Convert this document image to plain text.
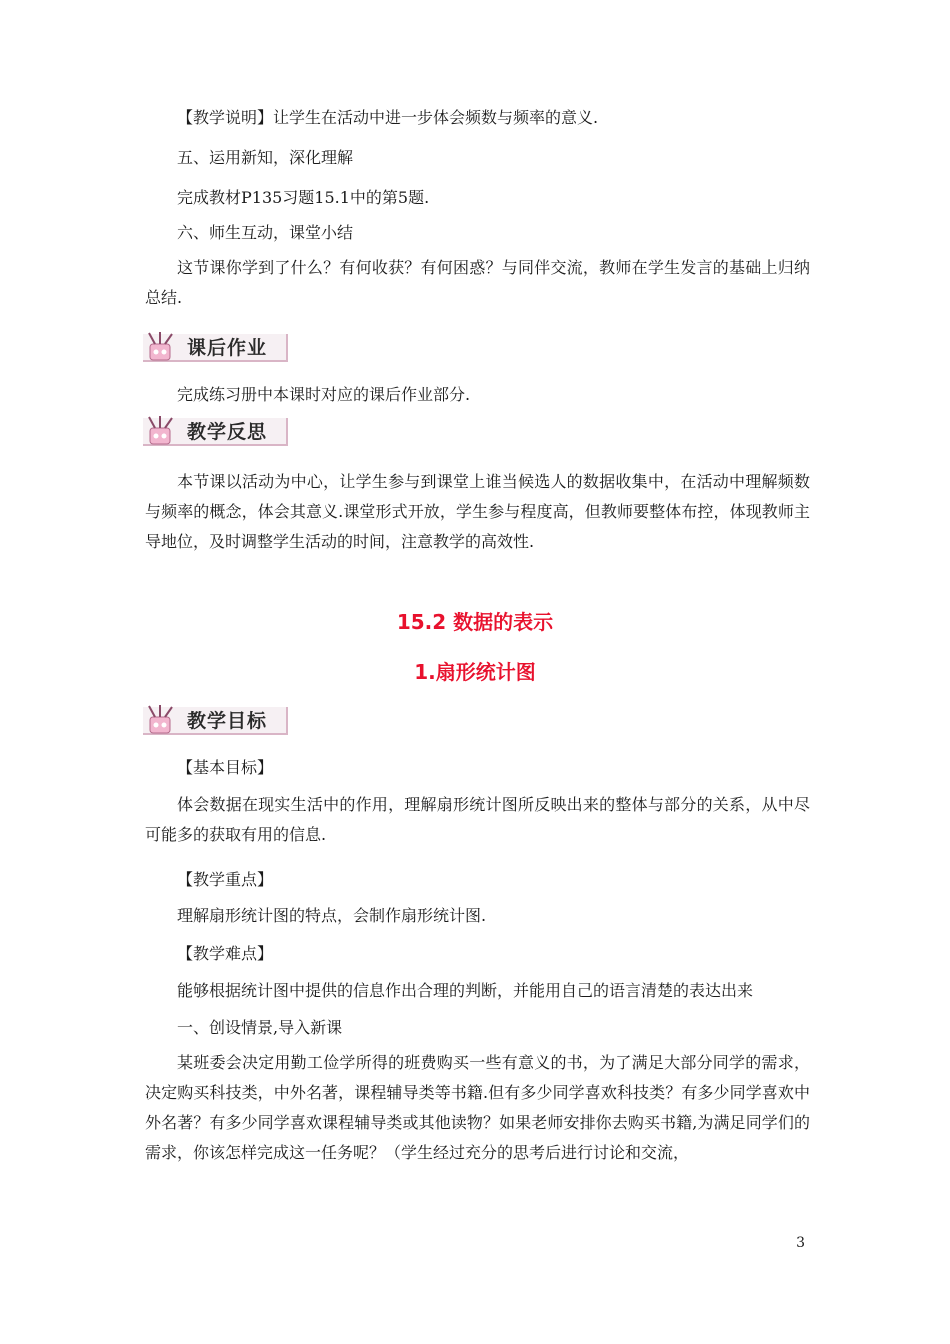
【教学说明】让学生在活动中进一步体会频数与频率的意义.

五、运用新知，深化理解

完成教材P135习题15.1中的第5题.

六、师生互动，课堂小结

这节课你学到了什么？有何收获？有何困惑？与同伴交流，教师在学生发言的基础上归纳总结.

课后作业

完成练习册中本课时对应的课后作业部分.

教学反思

本节课以活动为中心，让学生参与到课堂上谁当候选人的数据收集中，在活动中理解频数与频率的概念，体会其意义.课堂形式开放，学生参与程度高，但教师要整体布控，体现教师主导地位，及时调整学生活动的时间，注意教学的高效性.

15.2 数据的表示
1.扇形统计图
教学目标

【基本目标】

体会数据在现实生活中的作用，理解扇形统计图所反映出来的整体与部分的关系，从中尽可能多的获取有用的信息.

【教学重点】

理解扇形统计图的特点，会制作扇形统计图.

【教学难点】

能够根据统计图中提供的信息作出合理的判断，并能用自己的语言清楚的表达出来

一、创设情景,导入新课

某班委会决定用勤工俭学所得的班费购买一些有意义的书，为了满足大部分同学的需求，决定购买科技类，中外名著，课程辅导类等书籍.但有多少同学喜欢科技类？有多少同学喜欢中外名著？有多少同学喜欢课程辅导类或其他读物？如果老师安排你去购买书籍,为满足同学们的需求，你该怎样完成这一任务呢？（学生经过充分的思考后进行讨论和交流，

3
